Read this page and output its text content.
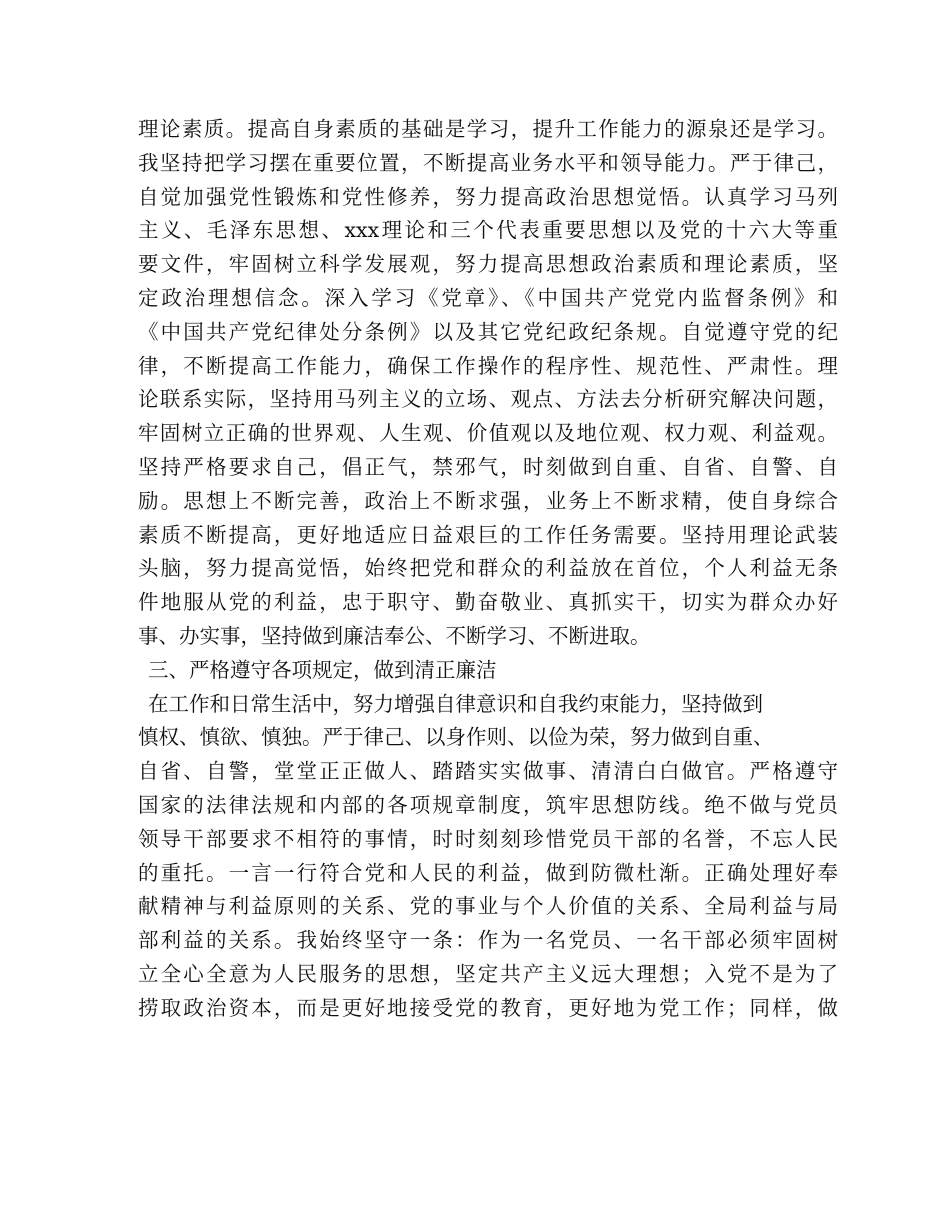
理论素质。提高自身素质的基础是学习，提升工作能力的源泉还是学习。
我坚持把学习摆在重要位置，不断提高业务水平和领导能力。严于律己，
自觉加强党性锻炼和党性修养，努力提高政治思想觉悟。认真学习马列
主义、毛泽东思想、xxx理论和三个代表重要思想以及党的十六大等重
要文件，牢固树立科学发展观，努力提高思想政治素质和理论素质，坚
定政治理想信念。深入学习《党章》、《中国共产党党内监督条例》和
《中国共产党纪律处分条例》以及其它党纪政纪条规。自觉遵守党的纪
律，不断提高工作能力，确保工作操作的程序性、规范性、严肃性。理
论联系实际，坚持用马列主义的立场、观点、方法去分析研究解决问题，
牢固树立正确的世界观、人生观、价值观以及地位观、权力观、利益观。
坚持严格要求自己，倡正气，禁邪气，时刻做到自重、自省、自警、自
励。思想上不断完善，政治上不断求强，业务上不断求精，使自身综合
素质不断提高，更好地适应日益艰巨的工作任务需要。坚持用理论武装
头脑，努力提高觉悟，始终把党和群众的利益放在首位，个人利益无条
件地服从党的利益，忠于职守、勤奋敬业、真抓实干，切实为群众办好
事、办实事，坚持做到廉洁奉公、不断学习、不断进取。
三、严格遵守各项规定，做到清正廉洁
在工作和日常生活中，努力增强自律意识和自我约束能力，坚持做到
慎权、慎欲、慎独。严于律己、以身作则、以俭为荣，努力做到自重、
自省、自警，堂堂正正做人、踏踏实实做事、清清白白做官。严格遵守
国家的法律法规和内部的各项规章制度，筑牢思想防线。绝不做与党员
领导干部要求不相符的事情，时时刻刻珍惜党员干部的名誉，不忘人民
的重托。一言一行符合党和人民的利益，做到防微杜渐。正确处理好奉
献精神与利益原则的关系、党的事业与个人价值的关系、全局利益与局
部利益的关系。我始终坚守一条：作为一名党员、一名干部必须牢固树
立全心全意为人民服务的思想，坚定共产主义远大理想；入党不是为了
捞取政治资本，而是更好地接受党的教育，更好地为党工作；同样，做
